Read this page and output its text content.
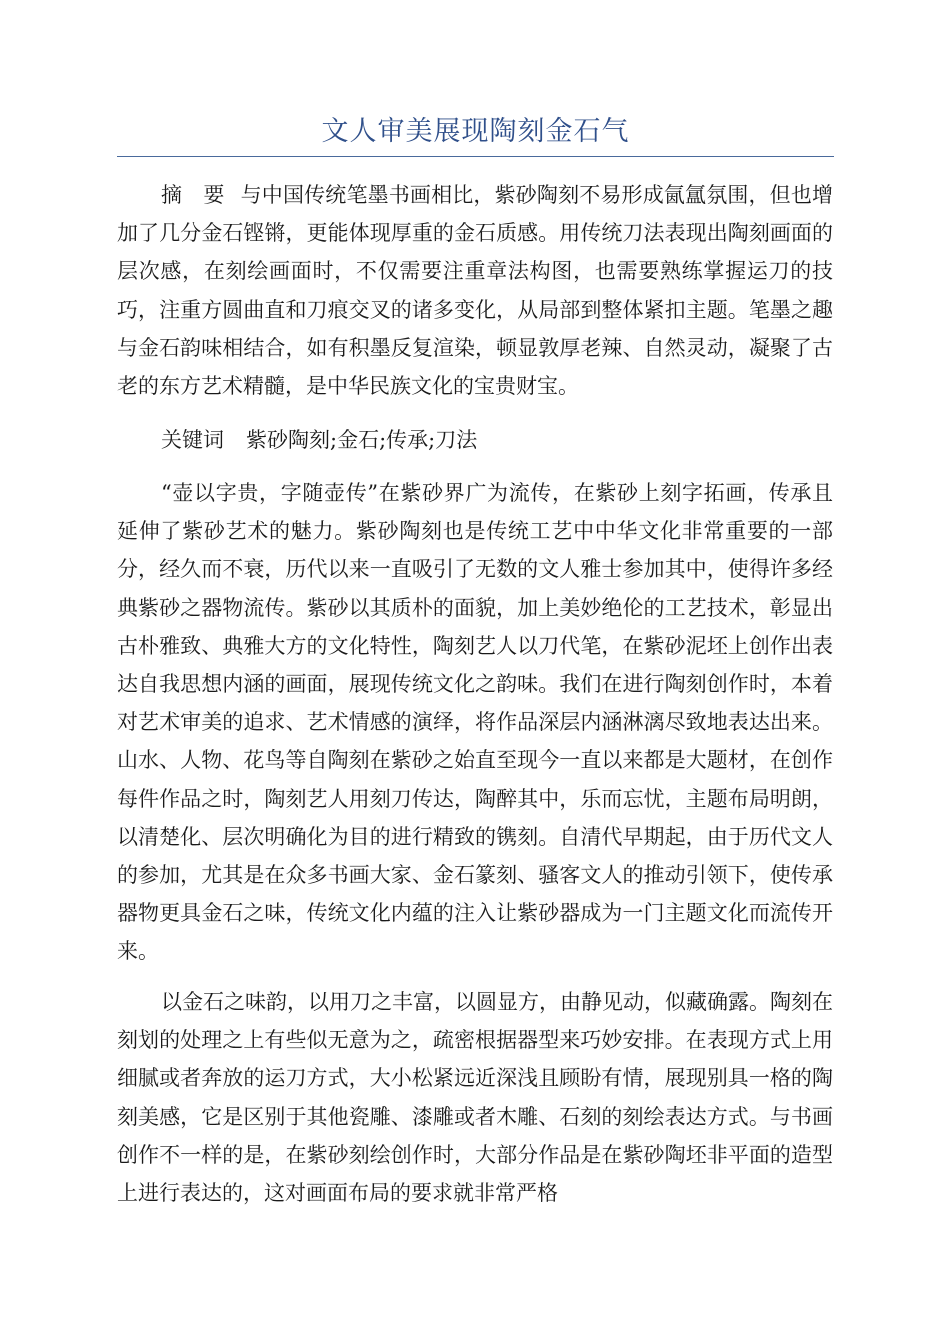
文人审美展现陶刻金石气

摘　要 与中国传统笔墨书画相比，紫砂陶刻不易形成氤氲氛围，但也增加了几分金石铿锵，更能体现厚重的金石质感。用传统刀法表现出陶刻画面的层次感，在刻绘画面时，不仅需要注重章法构图，也需要熟练掌握运刀的技巧，注重方圆曲直和刀痕交叉的诸多变化，从局部到整体紧扣主题。笔墨之趣与金石韵味相结合，如有积墨反复渲染，顿显敦厚老辣、自然灵动，凝聚了古老的东方艺术精髓，是中华民族文化的宝贵财宝。

关键词 紫砂陶刻;金石;传承;刀法

“壶以字贵，字随壶传”在紫砂界广为流传，在紫砂上刻字拓画，传承且延伸了紫砂艺术的魅力。紫砂陶刻也是传统工艺中中华文化非常重要的一部分，经久而不衰，历代以来一直吸引了无数的文人雅士参加其中，使得许多经典紫砂之器物流传。紫砂以其质朴的面貌，加上美妙绝伦的工艺技术，彰显出古朴雅致、典雅大方的文化特性，陶刻艺人以刀代笔，在紫砂泥坯上创作出表达自我思想内涵的画面，展现传统文化之韵味。我们在进行陶刻创作时，本着对艺术审美的追求、艺术情感的演绎，将作品深层内涵淋漓尽致地表达出来。山水、人物、花鸟等自陶刻在紫砂之始直至现今一直以来都是大题材，在创作每件作品之时，陶刻艺人用刻刀传达，陶醉其中，乐而忘忧，主题布局明朗，以清楚化、层次明确化为目的进行精致的镌刻。自清代早期起，由于历代文人的参加，尤其是在众多书画大家、金石篆刻、骚客文人的推动引领下，使传承器物更具金石之味，传统文化内蕴的注入让紫砂器成为一门主题文化而流传开来。

以金石之味韵，以用刀之丰富，以圆显方，由静见动，似藏确露。陶刻在刻划的处理之上有些似无意为之，疏密根据器型来巧妙安排。在表现方式上用细腻或者奔放的运刀方式，大小松紧远近深浅且顾盼有情，展现别具一格的陶刻美感，它是区别于其他瓷雕、漆雕或者木雕、石刻的刻绘表达方式。与书画创作不一样的是，在紫砂刻绘创作时，大部分作品是在紫砂陶坯非平面的造型上进行表达的，这对画面布局的要求就非常严格
